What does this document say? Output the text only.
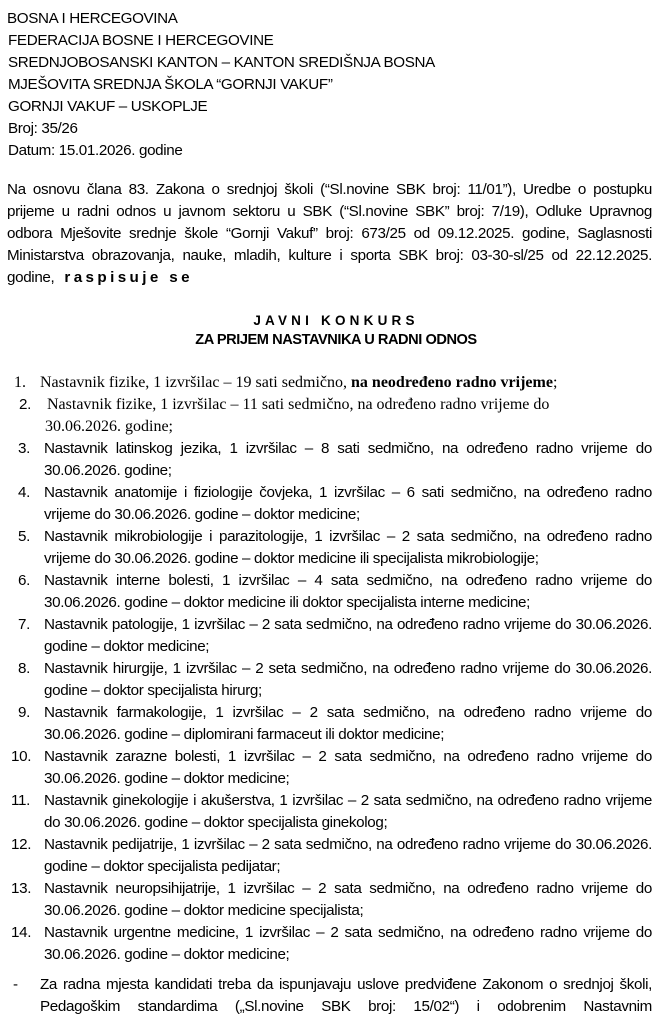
BOSNA I HERCEGOVINA
FEDERACIJA BOSNE I HERCEGOVINE
SREDNJOBOSANSKI KANTON – KANTON SREDIŠNJA BOSNA
MJEŠOVITA SREDNJA ŠKOLA “GORNJI VAKUF”
GORNJI VAKUF – USKOPLJE
Broj: 35/26
Datum: 15.01.2026. godine
Na osnovu člana 83. Zakona o srednjoj školi (“Sl.novine SBK broj: 11/01”), Uredbe o postupku prijeme u radni odnos u javnom sektoru u SBK (“Sl.novine SBK” broj: 7/19), Odluke Upravnog odbora Mješovite srednje škole “Gornji Vakuf” broj: 673/25 od 09.12.2025. godine, Saglasnosti Ministarstva obrazovanja, nauke, mladih, kulture i sporta SBK broj: 03-30-sl/25 od 22.12.2025. godine, raspisuje se
JAVNI KONKURS
ZA PRIJEM NASTAVNIKA U RADNI ODNOS
1. Nastavnik fizike, 1 izvršilac – 19 sati sedmično, na neodređeno radno vrijeme;
2.	Nastavnik fizike, 1 izvršilac – 11 sati sedmično, na određeno radno vrijeme do
30.06.2026. godine;
3. Nastavnik latinskog jezika, 1 izvršilac – 8 sati sedmično, na određeno radno vrijeme do 30.06.2026. godine;
4. Nastavnik anatomije i fiziologije čovjeka, 1 izvršilac – 6 sati sedmično, na određeno radno vrijeme do 30.06.2026. godine – doktor medicine;
5. Nastavnik mikrobiologije i parazitologije, 1 izvršilac – 2 sata sedmično, na određeno radno vrijeme do 30.06.2026. godine – doktor medicine ili specijalista mikrobiologije;
6. Nastavnik interne bolesti, 1 izvršilac – 4 sata sedmično, na određeno radno vrijeme do 30.06.2026. godine – doktor medicine ili doktor specijalista interne medicine;
7. Nastavnik patologije, 1 izvršilac – 2 sata sedmično, na određeno radno vrijeme do 30.06.2026. godine – doktor medicine;
8. Nastavnik hirurgije, 1 izvršilac – 2 seta sedmično, na određeno radno vrijeme do 30.06.2026. godine – doktor specijalista hirurg;
9. Nastavnik farmakologije, 1 izvršilac – 2 sata sedmično, na određeno radno vrijeme do 30.06.2026. godine – diplomirani farmaceut ili doktor medicine;
10. Nastavnik zarazne bolesti, 1 izvršilac – 2 sata sedmično, na određeno radno vrijeme do 30.06.2026. godine – doktor medicine;
11. Nastavnik ginekologije i akušerstva, 1 izvršilac – 2 sata sedmično, na određeno radno vrijeme do 30.06.2026. godine – doktor specijalista ginekolog;
12. Nastavnik pedijatrije, 1 izvršilac – 2 sata sedmično, na određeno radno vrijeme do 30.06.2026. godine – doktor specijalista pedijatar;
13. Nastavnik neuropsihijatrije, 1 izvršilac – 2 sata sedmično, na određeno radno vrijeme do 30.06.2026. godine – doktor medicine specijalista;
14. Nastavnik urgentne medicine, 1 izvršilac – 2 sata sedmično, na određeno radno vrijeme do 30.06.2026. godine – doktor medicine;
- Za radna mjesta kandidati treba da ispunjavaju uslove predviđene Zakonom o srednjoj školi, Pedagoškim standardima („Sl.novine SBK broj: 15/02“) i odobrenim Nastavnim
